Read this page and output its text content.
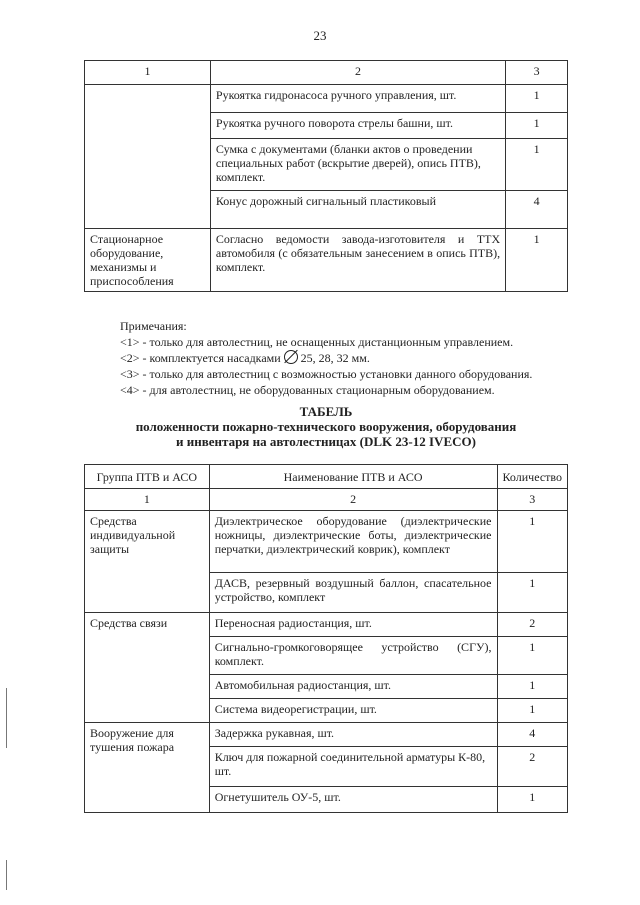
23
1	2	3
	Рукоятка гидронасоса ручного управления, шт.	1
	Рукоятка ручного поворота стрелы башни, шт.	1
	Сумка с документами (бланки актов о проведении специальных работ (вскрытие дверей), опись ПТВ), комплект.	1
	Конус дорожный сигнальный пластиковый	4
Стационарное оборудование, механизмы и приспособления	Согласно ведомости завода-изготовителя и ТТХ автомобиля (с обязательным занесением в опись ПТВ), комплект.	1
Примечания:
<1> - только для автолестниц, не оснащенных дистанционным управлением.
<2> - комплектуется насадками 25, 28, 32 мм.
<3> - только для автолестниц с возможностью установки данного оборудования.
<4> - для автолестниц, не оборудованных стационарным оборудованием.
ТАБЕЛЬ
положенности пожарно-технического вооружения, оборудования
и инвентаря на автолестницах (DLK 23-12 IVECO)
Группа ПТВ и АСО	Наименование ПТВ и АСО	Количество
1	2	3
Средства индивидуальной защиты	Диэлектрическое оборудование (диэлектрические ножницы, диэлектрические боты, диэлектрические перчатки, диэлектрический коврик), комплект	1
	ДАСВ, резервный воздушный баллон, спасательное устройство, комплект	1
Средства связи	Переносная радиостанция, шт.	2
	Сигнально-громкоговорящее устройство (СГУ), комплект.	1
	Автомобильная радиостанция, шт.	1
	Система видеорегистрации, шт.	1
Вооружение для тушения пожара	Задержка рукавная, шт.	4
	Ключ для пожарной соединительной арматуры К-80, шт.	2
	Огнетушитель ОУ-5, шт.	1
